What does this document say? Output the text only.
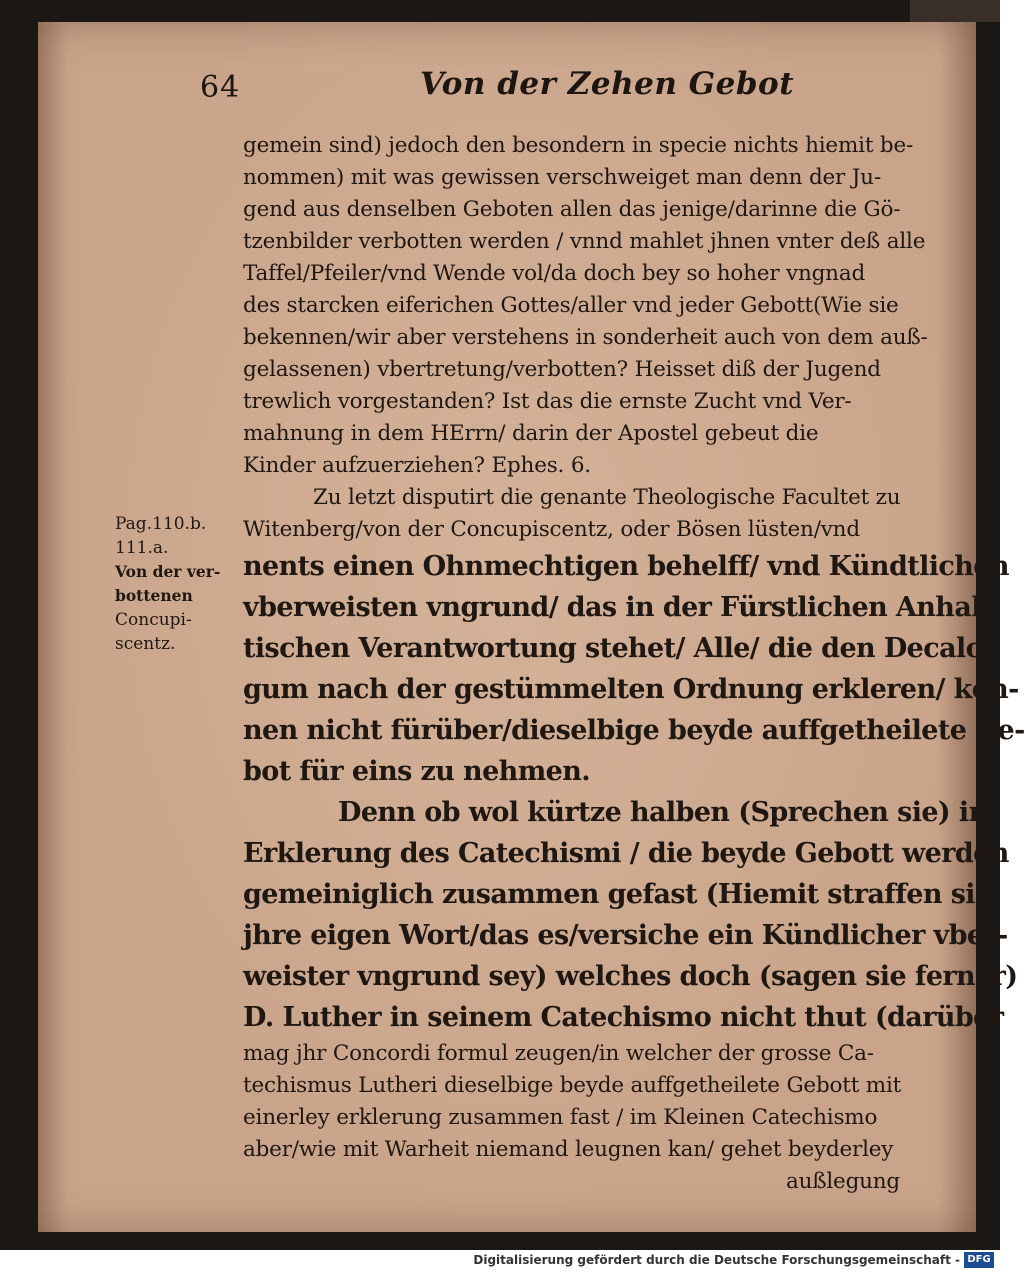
64	Von der Zehen Gebot
Pag.110.b.
111.a.
Von der ver-
bottenen
Concupi-
scentz.
gemein sind) jedoch den besondern in specie nichts hiemit be-
nommen) mit was gewissen verschweiget man denn der Ju-
gend aus denselben Geboten allen das jenige/darinne die Gö-
tzenbilder verbotten werden / vnnd mahlet jhnen vnter deß alle
Taffel/Pfeiler/vnd Wende vol/da doch bey so hoher vngnad
des starcken eiferichen Gottes/aller vnd jeder Gebott(Wie sie
bekennen/wir aber verstehens in sonderheit auch von dem auß-
gelassenen) vbertretung/verbotten? Heisset diß der Jugend
trewlich vorgestanden? Ist das die ernste Zucht vnd Ver-
mahnung in dem HErrn/ darin der Apostel gebeut die
Kinder aufzuerziehen? Ephes. 6.
Zu letzt disputirt die genante Theologische Facultet zu
Witenberg/von der Concupiscentz, oder Bösen lüsten/vnd
nents einen Ohnmechtigen behelff/ vnd Kündtlichen
vberweisten vngrund/ das in der Fürstlichen Anhal-
tischen Verantwortung stehet/ Alle/ die den Decalo-
gum nach der gestümmelten Ordnung erkleren/ kön-
nen nicht fürüber/dieselbige beyde auffgetheilete Ge-
bot für eins zu nehmen.
Denn ob wol kürtze halben (Sprechen sie) in
Erklerung des Catechismi / die beyde Gebott werden
gemeiniglich zusammen gefast (Hiemit straffen sie
jhre eigen Wort/das es/versiche ein Kündlicher vber-
weister vngrund sey) welches doch (sagen sie ferner)
D. Luther in seinem Catechismo nicht thut (darüber
mag jhr Concordi formul zeugen/in welcher der grosse Ca-
techismus Lutheri dieselbige beyde auffgetheilete Gebott mit
einerley erklerung zusammen fast / im Kleinen Catechismo
aber/wie mit Warheit niemand leugnen kan/ gehet beyderley
außlegung
Digitalisierung gefördert durch die Deutsche Forschungsgemeinschaft - DFG
